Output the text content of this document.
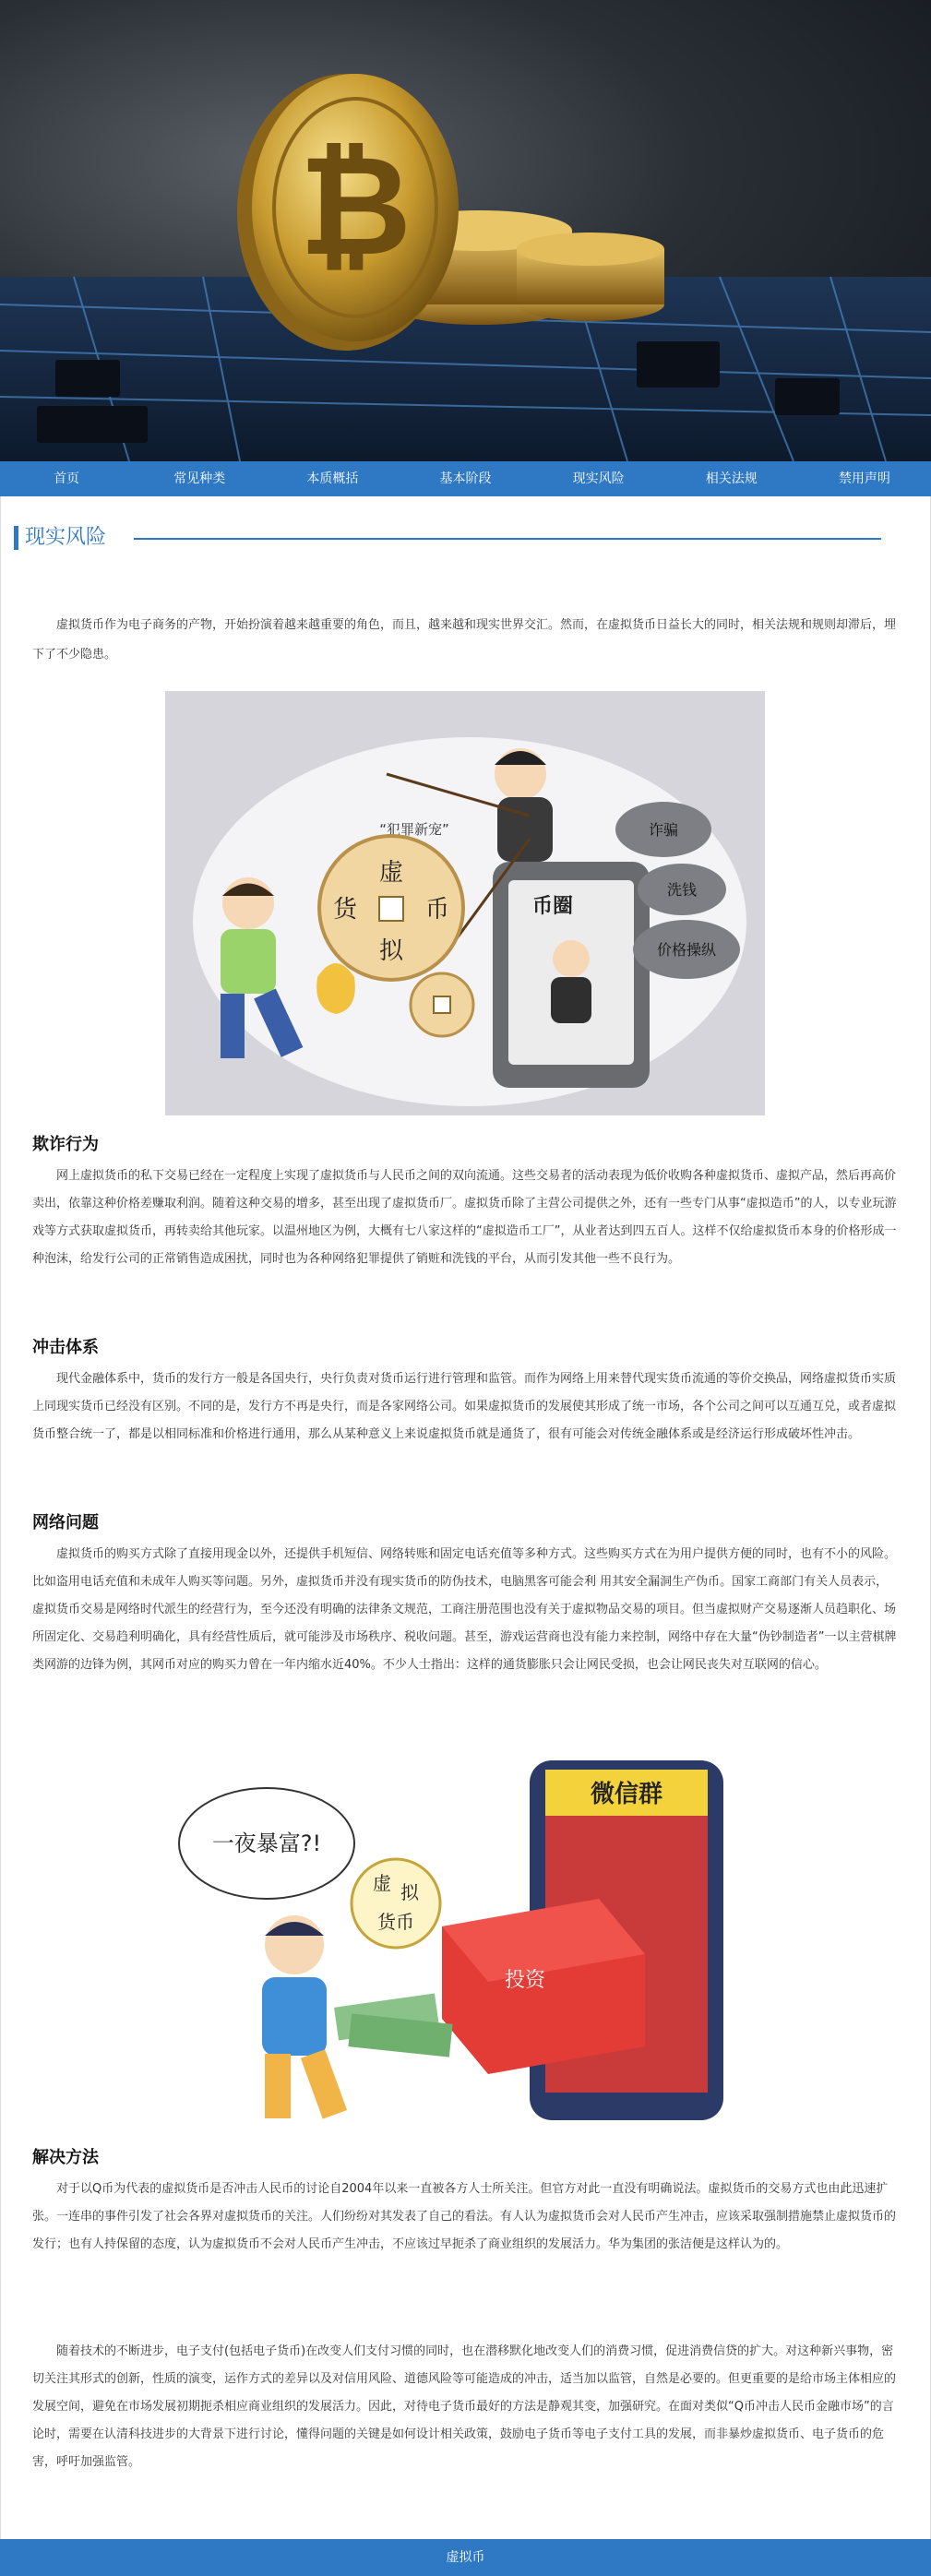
₿
首页	常见种类	本质概括	基本阶段	现实风险	相关法规	禁用声明
现实风险

虚拟货币作为电子商务的产物，开始扮演着越来越重要的角色，而且，越来越和现实世界交汇。然而，在虚拟货币日益长大的同时，相关法规和规则却滞后，埋下了不少隐患。

币圈
“犯罪新宠”
货
虚
拟
币
诈骗
洗钱
价格操纵
欺诈行为

网上虚拟货币的私下交易已经在一定程度上实现了虚拟货币与人民币之间的双向流通。这些交易者的活动表现为低价收购各种虚拟货币、虚拟产品，然后再高价卖出，依靠这种价格差赚取利润。随着这种交易的增多，甚至出现了虚拟货币厂。虚拟货币除了主营公司提供之外，还有一些专门从事“虚拟造币”的人，以专业玩游戏等方式获取虚拟货币，再转卖给其他玩家。以温州地区为例，大概有七八家这样的“虚拟造币工厂”，从业者达到四五百人。这样不仅给虚拟货币本身的价格形成一种泡沫，给发行公司的正常销售造成困扰，同时也为各种网络犯罪提供了销赃和洗钱的平台，从而引发其他一些不良行为。

冲击体系

现代金融体系中，货币的发行方一般是各国央行，央行负责对货币运行进行管理和监管。而作为网络上用来替代现实货币流通的等价交换品，网络虚拟货币实质上同现实货币已经没有区别。不同的是，发行方不再是央行，而是各家网络公司。如果虚拟货币的发展使其形成了统一市场，各个公司之间可以互通互兑，或者虚拟货币整合统一了，都是以相同标准和价格进行通用，那么从某种意义上来说虚拟货币就是通货了，很有可能会对传统金融体系或是经济运行形成破坏性冲击。

网络问题

虚拟货币的购买方式除了直接用现金以外，还提供手机短信、网络转账和固定电话充值等多种方式。这些购买方式在为用户提供方便的同时，也有不小的风险。比如盗用电话充值和未成年人购买等问题。另外，虚拟货币并没有现实货币的防伪技术，电脑黑客可能会利 用其安全漏洞生产伪币。国家工商部门有关人员表示，虚拟货币交易是网络时代派生的经营行为，至今还没有明确的法律条文规范，工商注册范围也没有关于虚拟物品交易的项目。但当虚拟财产交易逐渐人员趋职化、场所固定化、交易趋利明确化，具有经营性质后，就可能涉及市场秩序、税收问题。甚至，游戏运营商也没有能力来控制，网络中存在大量“伪钞制造者”一以主营棋牌类网游的边锋为例，其网币对应的购买力曾在一年内缩水近40%。不少人士指出：这样的通货膨胀只会让网民受损，也会让网民丧失对互联网的信心。

一夜暴富?!
微信群
投资
虚 拟
货币
解决方法

对于以Q币为代表的虚拟货币是否冲击人民币的讨论自2004年以来一直被各方人士所关注。但官方对此一直没有明确说法。虚拟货币的交易方式也由此迅速扩张。一连串的事件引发了社会各界对虚拟货币的关注。人们纷纷对其发表了自己的看法。有人认为虚拟货币会对人民币产生冲击，应该采取强制措施禁止虚拟货币的发行；也有人持保留的态度，认为虚拟货币不会对人民币产生冲击，不应该过早扼杀了商业组织的发展活力。华为集团的张洁便是这样认为的。

随着技术的不断进步，电子支付(包括电子货币)在改变人们支付习惯的同时，也在潜移默化地改变人们的消费习惯，促进消费信贷的扩大。对这种新兴事物，密切关注其形式的创新，性质的演变，运作方式的差异以及对信用风险、道德风险等可能造成的冲击，适当加以监管，自然是必要的。但更重要的是给市场主体相应的发展空间，避免在市场发展初期扼杀相应商业组织的发展活力。因此，对待电子货币最好的方法是静观其变，加强研究。在面对类似“Q币冲击人民币金融市场”的言论时，需要在认清科技进步的大背景下进行讨论，懂得问题的关键是如何设计相关政策，鼓励电子货币等电子支付工具的发展，而非暴炒虚拟货币、电子货币的危害，呼吁加强监管。

虚拟币
